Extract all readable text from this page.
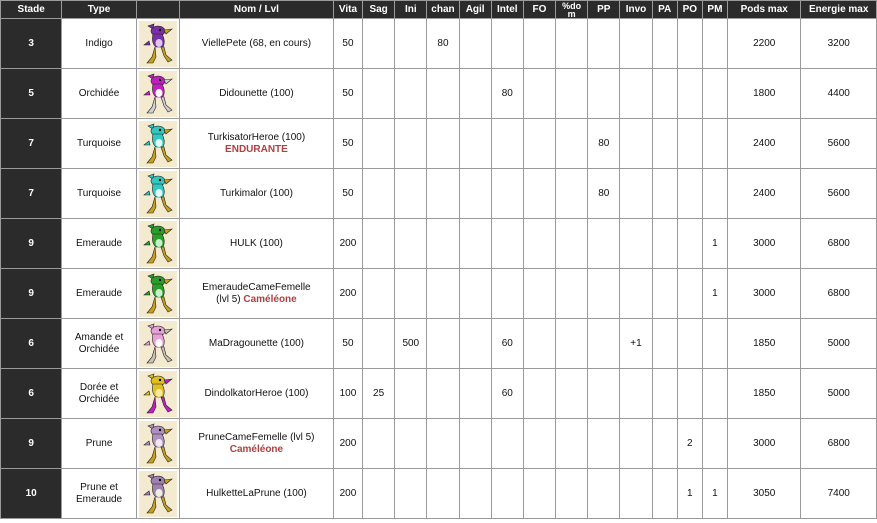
Stade	Type		Nom / Lvl	Vita	Sag	Ini	chan	Agil	Intel	FO	%do
m	PP	Invo	PA	PO	PM	Pods max	Energie max
3	Indigo		ViellePete (68, en cours)	50			80										2200	3200
5	Orchidée		Didounette (100)	50					80								1800	4400
7	Turquoise		TurkisatorHeroe (100)
ENDURANTE	50								80					2400	5600
7	Turquoise		Turkimalor (100)	50								80					2400	5600
9	Emeraude		HULK (100)	200												1	3000	6800
9	Emeraude		EmeraudeCameFemelle
(lvl 5) Caméléone	200												1	3000	6800
6	Amande et
Orchidée		MaDragounette (100)	50		500			60				+1				1850	5000
6	Dorée et
Orchidée		DindolkatorHeroe (100)	100	25				60								1850	5000
9	Prune		PruneCameFemelle (lvl 5)
Caméléone	200											2		3000	6800
10	Prune et
Emeraude		HulketteLaPrune (100)	200											1	1	3050	7400
